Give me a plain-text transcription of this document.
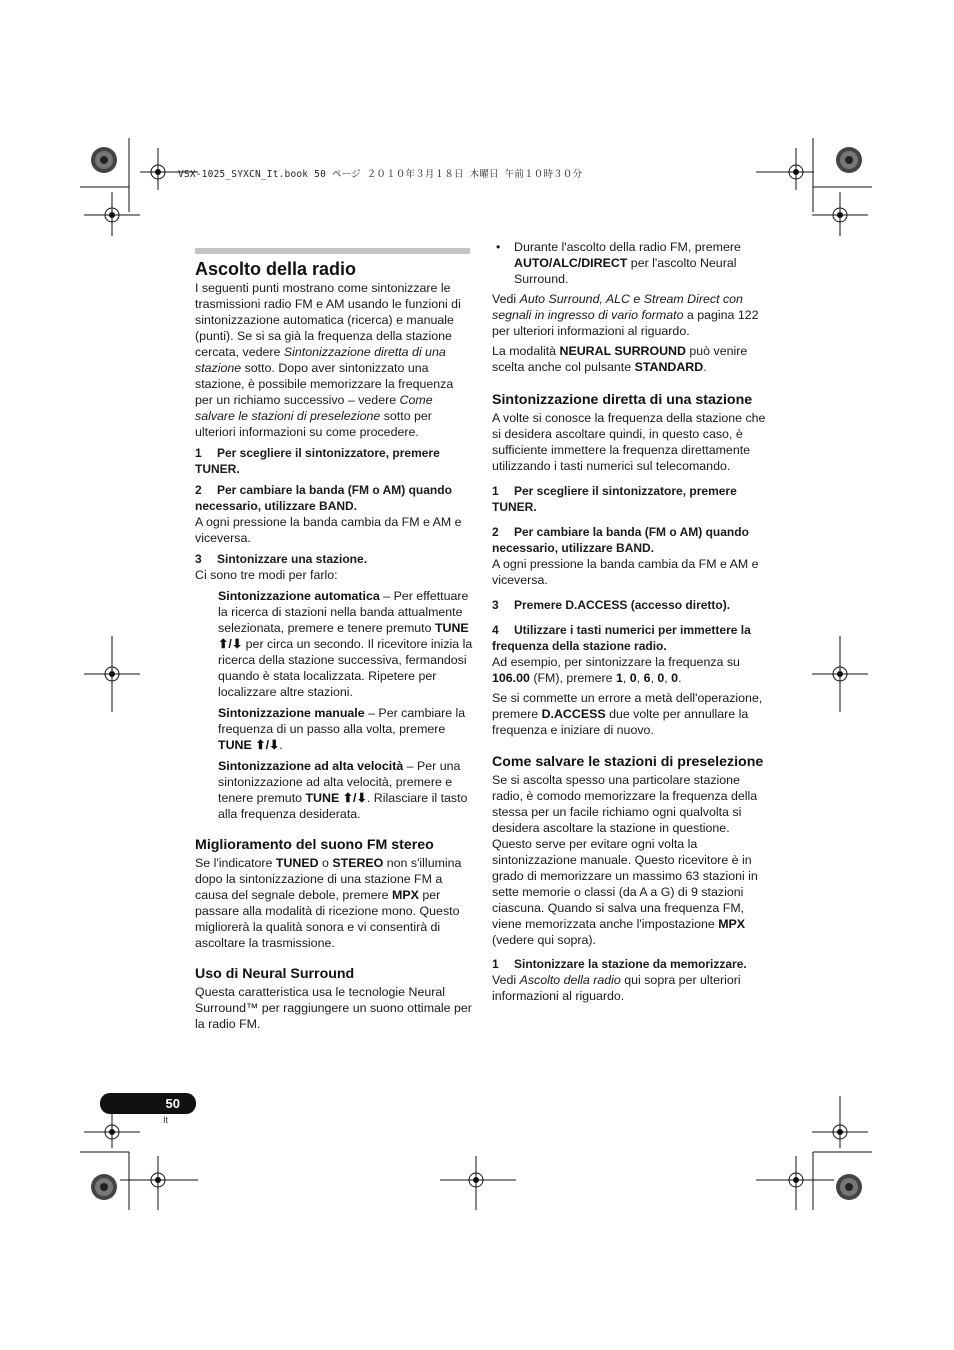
VSX-1025_SYXCN_It.book 50 ページ ２０１０年３月１８日 木曜日 午前１０時３０分
Ascolto della radio

I seguenti punti mostrano come sintonizzare le trasmissioni radio FM e AM usando le funzioni di sintonizzazione automatica (ricerca) e manuale (punti). Se si sa già la frequenza della stazione cercata, vedere Sintonizzazione diretta di una stazione sotto. Dopo aver sintonizzato una stazione, è possibile memorizzare la frequenza per un richiamo successivo – vedere Come salvare le stazioni di preselezione sotto per ulteriori informazioni su come procedere.

1 Per scegliere il sintonizzatore, premere TUNER.
2 Per cambiare la banda (FM o AM) quando necessario, utilizzare BAND.

A ogni pressione la banda cambia da FM e AM e viceversa.

3 Sintonizzare una stazione.

Ci sono tre modi per farlo:

Sintonizzazione automatica – Per effettuare la ricerca di stazioni nella banda attualmente selezionata, premere e tenere premuto TUNE ⬆/⬇ per circa un secondo. Il ricevitore inizia la ricerca della stazione successiva, fermandosi quando è stata localizzata. Ripetere per localizzare altre stazioni.

Sintonizzazione manuale – Per cambiare la frequenza di un passo alla volta, premere TUNE ⬆/⬇.

Sintonizzazione ad alta velocità – Per una sintonizzazione ad alta velocità, premere e tenere premuto TUNE ⬆/⬇. Rilasciare il tasto alla frequenza desiderata.

Miglioramento del suono FM stereo

Se l'indicatore TUNED o STEREO non s'illumina dopo la sintonizzazione di una stazione FM a causa del segnale debole, premere MPX per passare alla modalità di ricezione mono. Questo migliorerà la qualità sonora e vi consentirà di ascoltare la trasmissione.

Uso di Neural Surround

Questa caratteristica usa le tecnologie Neural Surround™ per raggiungere un suono ottimale per la radio FM.

• Durante l'ascolto della radio FM, premere AUTO/ALC/DIRECT per l'ascolto Neural Surround.

Vedi Auto Surround, ALC e Stream Direct con segnali in ingresso di vario formato a pagina 122 per ulteriori informazioni al riguardo.

La modalità NEURAL SURROUND può venire scelta anche col pulsante STANDARD.

Sintonizzazione diretta di una stazione

A volte si conosce la frequenza della stazione che si desidera ascoltare quindi, in questo caso, è sufficiente immettere la frequenza direttamente utilizzando i tasti numerici sul telecomando.

1 Per scegliere il sintonizzatore, premere TUNER.
2 Per cambiare la banda (FM o AM) quando necessario, utilizzare BAND.

A ogni pressione la banda cambia da FM e AM e viceversa.

3 Premere D.ACCESS (accesso diretto).
4 Utilizzare i tasti numerici per immettere la frequenza della stazione radio.

Ad esempio, per sintonizzare la frequenza su 106.00 (FM), premere 1, 0, 6, 0, 0.

Se si commette un errore a metà dell'operazione, premere D.ACCESS due volte per annullare la frequenza e iniziare di nuovo.

Come salvare le stazioni di preselezione

Se si ascolta spesso una particolare stazione radio, è comodo memorizzare la frequenza della stessa per un facile richiamo ogni qualvolta si desidera ascoltare la stazione in questione. Questo serve per evitare ogni volta la sintonizzazione manuale. Questo ricevitore è in grado di memorizzare un massimo 63 stazioni in sette memorie o classi (da A a G) di 9 stazioni ciascuna. Quando si salva una frequenza FM, viene memorizzata anche l'impostazione MPX (vedere qui sopra).

1 Sintonizzare la stazione da memorizzare.

Vedi Ascolto della radio qui sopra per ulteriori informazioni al riguardo.

50
It
